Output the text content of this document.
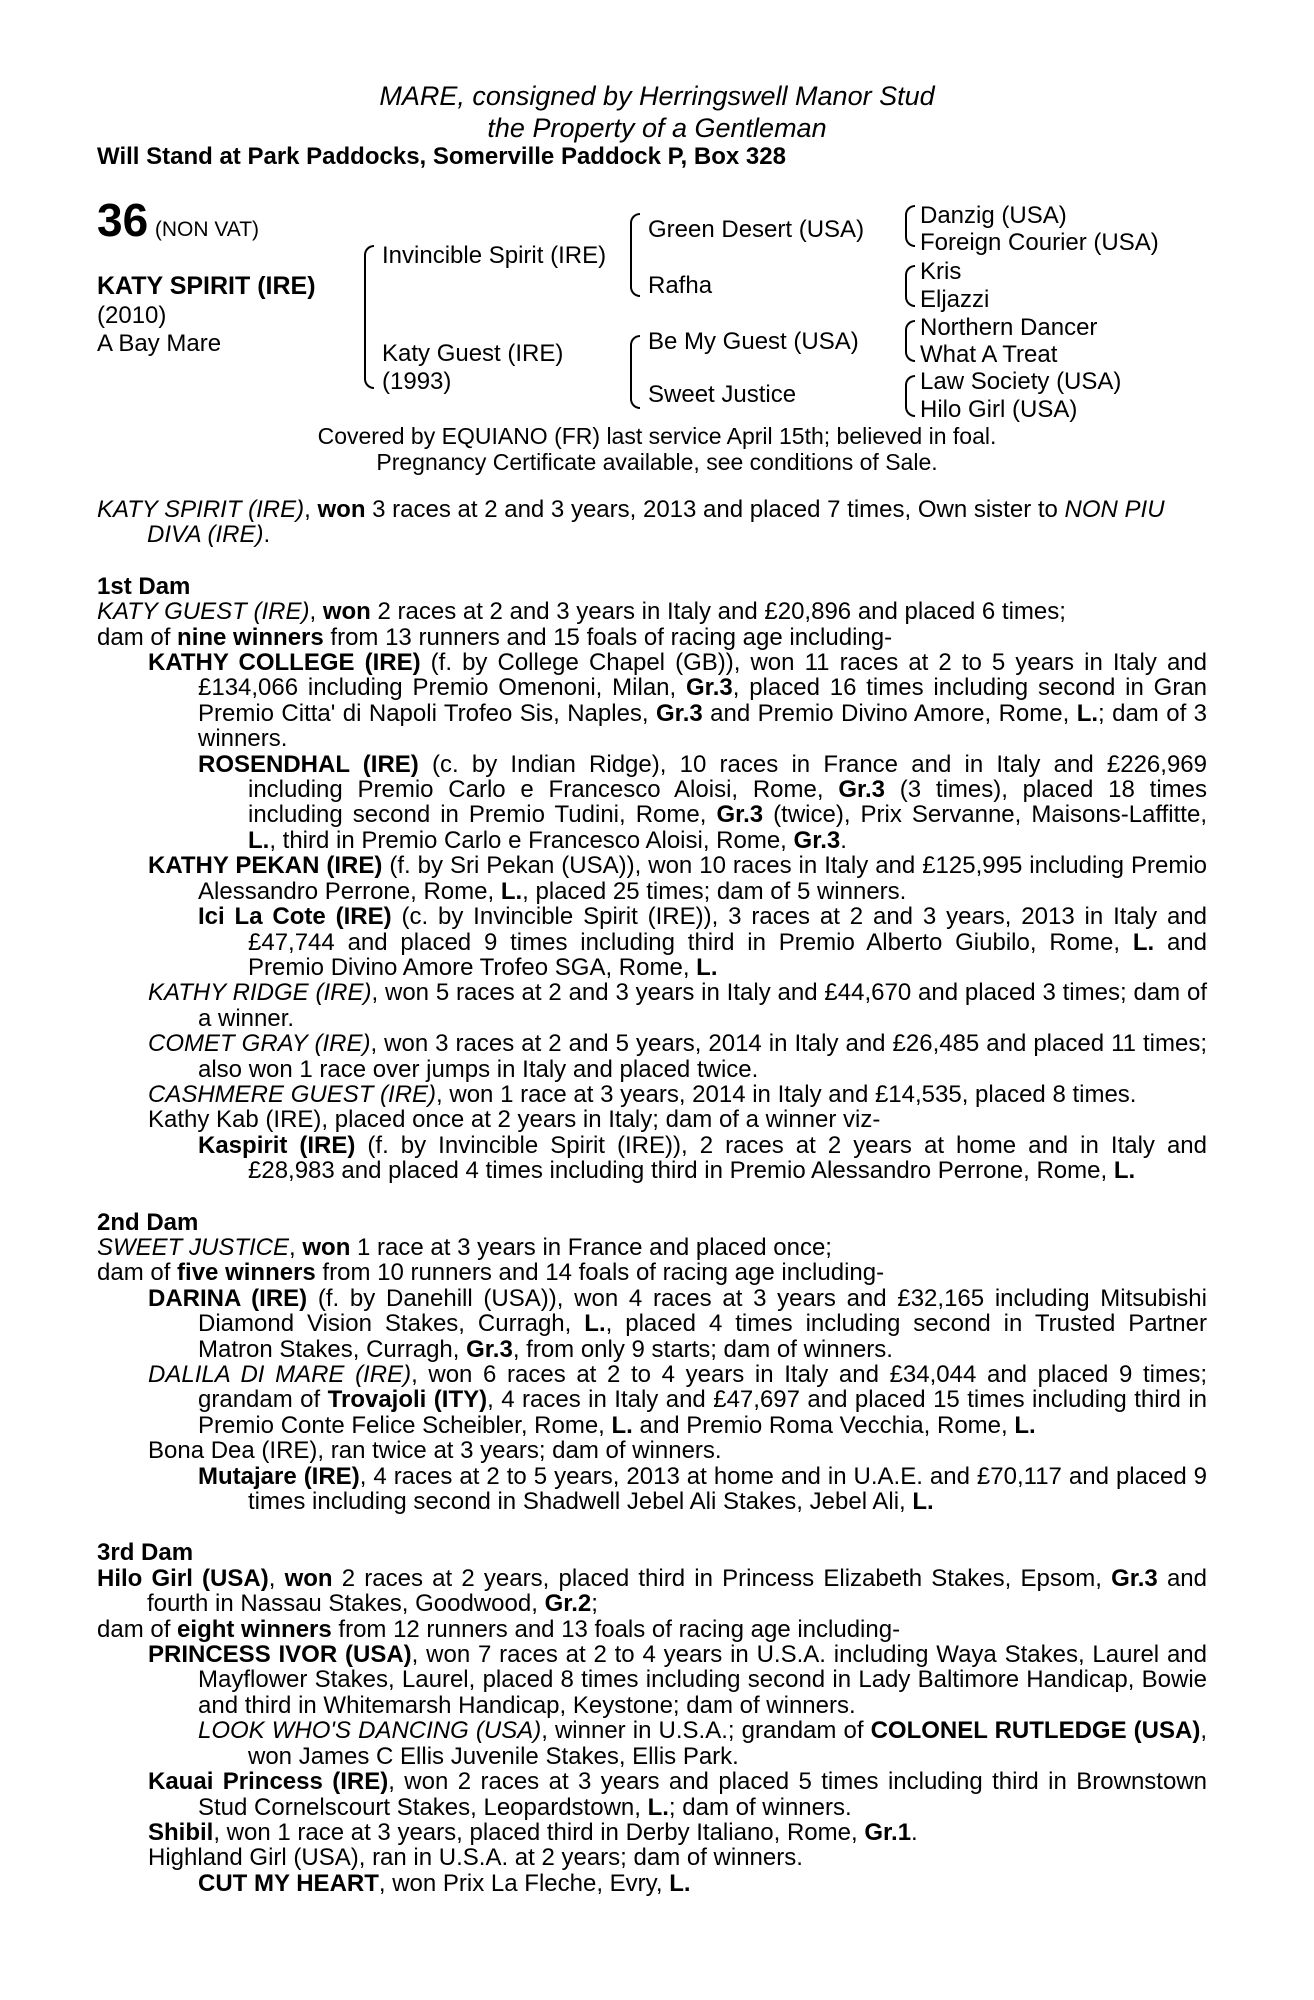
MARE, consigned by Herringswell Manor Stud
the Property of a Gentleman
Will Stand at Park Paddocks, Somerville Paddock P, Box 328
36 (NON VAT)
KATY SPIRIT (IRE)
(2010)
A Bay Mare
Invincible Spirit (IRE)
Katy Guest (IRE)
(1993)
Green Desert (USA)
Rafha
Be My Guest (USA)
Sweet Justice
Danzig (USA)
Foreign Courier (USA)
Kris
Eljazzi
Northern Dancer
What A Treat
Law Society (USA)
Hilo Girl (USA)
Covered by EQUIANO (FR) last service April 15th; believed in foal.
Pregnancy Certificate available, see conditions of Sale.

KATY SPIRIT (IRE), won 3 races at 2 and 3 years, 2013 and placed 7 times, Own sister to NON PIU DIVA (IRE).

1st Dam

KATY GUEST (IRE), won 2 races at 2 and 3 years in Italy and £20,896 and placed 6 times;

dam of nine winners from 13 runners and 15 foals of racing age including-

KATHY COLLEGE (IRE) (f. by College Chapel (GB)), won 11 races at 2 to 5 years in Italy and £134,066 including Premio Omenoni, Milan, Gr.3, placed 16 times including second in Gran Premio Citta' di Napoli Trofeo Sis, Naples, Gr.3 and Premio Divino Amore, Rome, L.; dam of 3 winners.

ROSENDHAL (IRE) (c. by Indian Ridge), 10 races in France and in Italy and £226,969 including Premio Carlo e Francesco Aloisi, Rome, Gr.3 (3 times), placed 18 times including second in Premio Tudini, Rome, Gr.3 (twice), Prix Servanne, Maisons-Laffitte, L., third in Premio Carlo e Francesco Aloisi, Rome, Gr.3.

KATHY PEKAN (IRE) (f. by Sri Pekan (USA)), won 10 races in Italy and £125,995 including Premio Alessandro Perrone, Rome, L., placed 25 times; dam of 5 winners.

Ici La Cote (IRE) (c. by Invincible Spirit (IRE)), 3 races at 2 and 3 years, 2013 in Italy and £47,744 and placed 9 times including third in Premio Alberto Giubilo, Rome, L. and Premio Divino Amore Trofeo SGA, Rome, L.

KATHY RIDGE (IRE), won 5 races at 2 and 3 years in Italy and £44,670 and placed 3 times; dam of a winner.

COMET GRAY (IRE), won 3 races at 2 and 5 years, 2014 in Italy and £26,485 and placed 11 times; also won 1 race over jumps in Italy and placed twice.

CASHMERE GUEST (IRE), won 1 race at 3 years, 2014 in Italy and £14,535, placed 8 times.

Kathy Kab (IRE), placed once at 2 years in Italy; dam of a winner viz-

Kaspirit (IRE) (f. by Invincible Spirit (IRE)), 2 races at 2 years at home and in Italy and £28,983 and placed 4 times including third in Premio Alessandro Perrone, Rome, L.

2nd Dam

SWEET JUSTICE, won 1 race at 3 years in France and placed once;

dam of five winners from 10 runners and 14 foals of racing age including-

DARINA (IRE) (f. by Danehill (USA)), won 4 races at 3 years and £32,165 including Mitsubishi Diamond Vision Stakes, Curragh, L., placed 4 times including second in Trusted Partner Matron Stakes, Curragh, Gr.3, from only 9 starts; dam of winners.

DALILA DI MARE (IRE), won 6 races at 2 to 4 years in Italy and £34,044 and placed 9 times; grandam of Trovajoli (ITY), 4 races in Italy and £47,697 and placed 15 times including third in Premio Conte Felice Scheibler, Rome, L. and Premio Roma Vecchia, Rome, L.

Bona Dea (IRE), ran twice at 3 years; dam of winners.

Mutajare (IRE), 4 races at 2 to 5 years, 2013 at home and in U.A.E. and £70,117 and placed 9 times including second in Shadwell Jebel Ali Stakes, Jebel Ali, L.

3rd Dam

Hilo Girl (USA), won 2 races at 2 years, placed third in Princess Elizabeth Stakes, Epsom, Gr.3 and fourth in Nassau Stakes, Goodwood, Gr.2;

dam of eight winners from 12 runners and 13 foals of racing age including-

PRINCESS IVOR (USA), won 7 races at 2 to 4 years in U.S.A. including Waya Stakes, Laurel and Mayflower Stakes, Laurel, placed 8 times including second in Lady Baltimore Handicap, Bowie and third in Whitemarsh Handicap, Keystone; dam of winners.

LOOK WHO'S DANCING (USA), winner in U.S.A.; grandam of COLONEL RUTLEDGE (USA), won James C Ellis Juvenile Stakes, Ellis Park.

Kauai Princess (IRE), won 2 races at 3 years and placed 5 times including third in Brownstown Stud Cornelscourt Stakes, Leopardstown, L.; dam of winners.

Shibil, won 1 race at 3 years, placed third in Derby Italiano, Rome, Gr.1.

Highland Girl (USA), ran in U.S.A. at 2 years; dam of winners.

CUT MY HEART, won Prix La Fleche, Evry, L.
